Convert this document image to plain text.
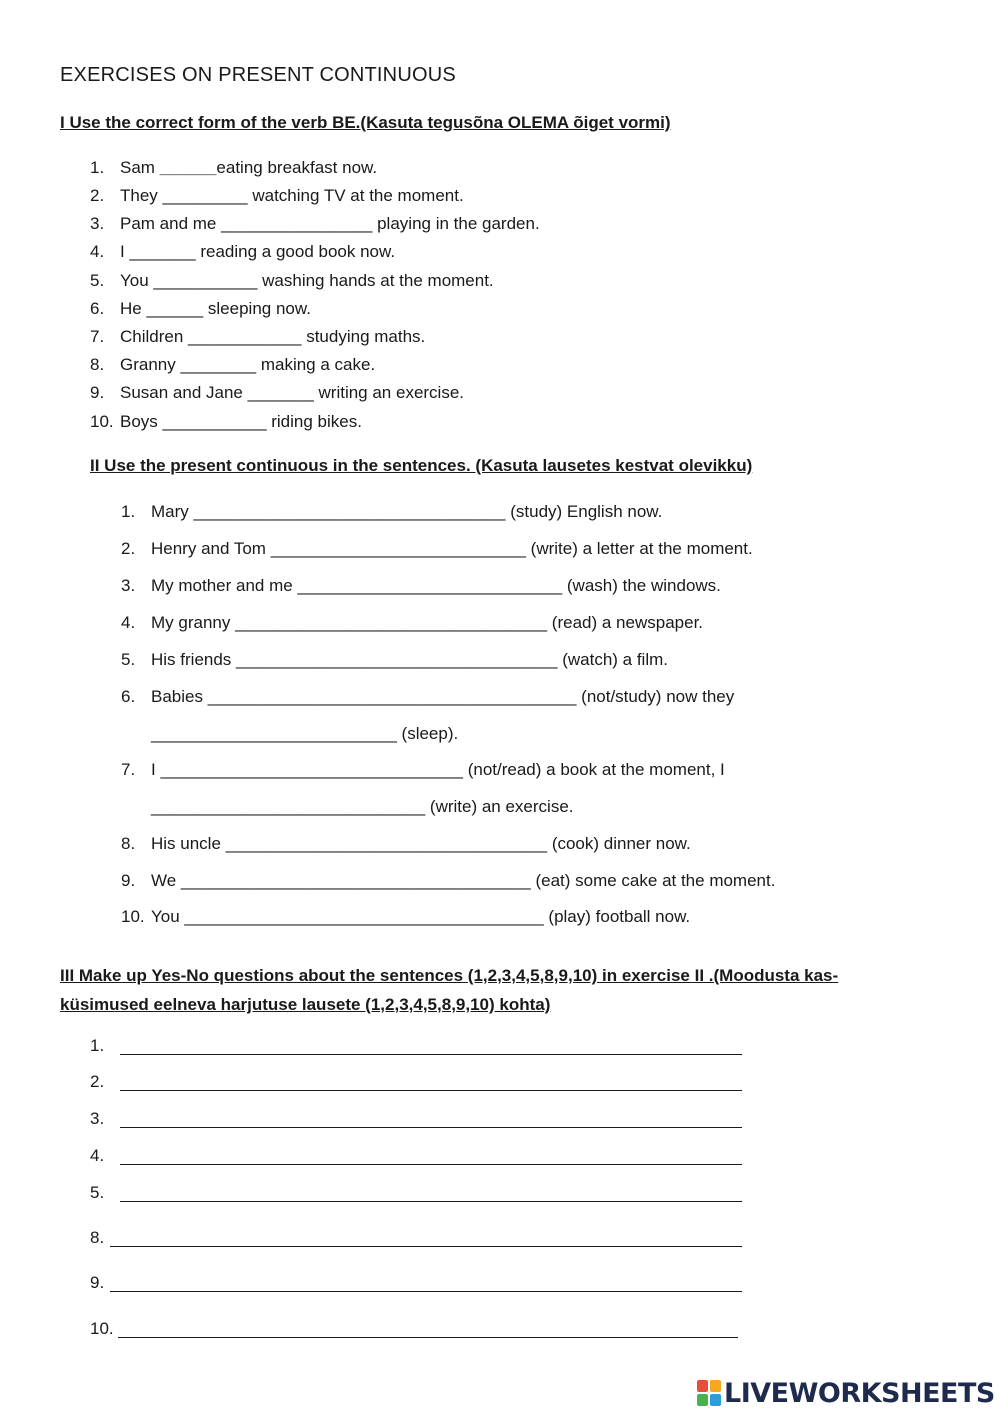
EXERCISES ON PRESENT CONTINUOUS
I Use the correct form of the verb BE.(Kasuta tegusõna OLEMA õiget vormi)
1. Sam ______eating breakfast now.
2. They _________ watching TV at the moment.
3. Pam and me ________________ playing in the garden.
4. I _______ reading a good book now.
5. You ___________ washing hands at the moment.
6. He ______ sleeping now.
7. Children ____________ studying maths.
8. Granny ________ making a cake.
9. Susan and Jane _______ writing an exercise.
10. Boys ___________ riding bikes.
II Use the present continuous in the sentences. (Kasuta lausetes kestvat olevikku)
1. Mary _________________________________ (study) English now.
2. Henry and Tom ___________________________ (write) a letter at the moment.
3. My mother and me ____________________________ (wash) the windows.
4. My granny _________________________________ (read) a newspaper.
5. His friends __________________________________ (watch) a film.
6. Babies _______________________________________ (not/study) now they
__________________________ (sleep).
7. I ________________________________ (not/read) a book at the moment, I
_____________________________ (write) an exercise.
8. His uncle __________________________________ (cook) dinner now.
9. We _____________________________________ (eat) some cake at the moment.
10. You ______________________________________ (play) football now.
III Make up Yes-No questions about the sentences (1,2,3,4,5,8,9,10) in exercise II .(Moodusta kas-küsimused eelneva harjutuse lausete (1,2,3,4,5,8,9,10) kohta)
1.
2.
3.
4.
5.
8.
9.
10.
LIVEWORKSHEETS
